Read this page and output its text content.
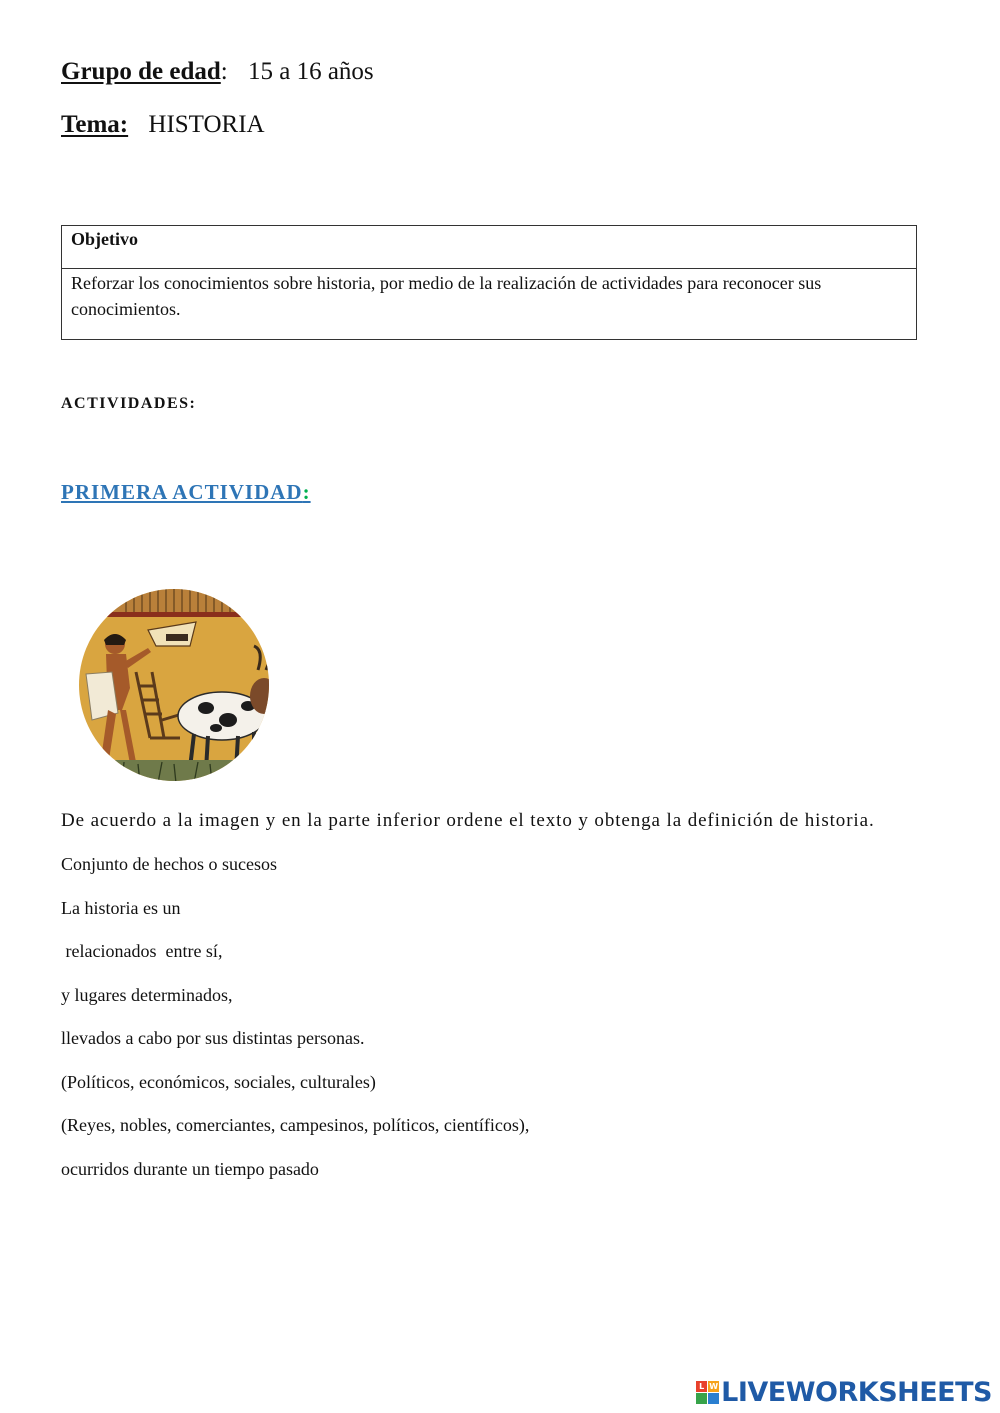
Grupo de edad: 15 a 16 años
Tema: HISTORIA
Objetivo
Reforzar los conocimientos sobre historia, por medio de la realización de actividades para reconocer sus conocimientos.
ACTIVIDADES:
PRIMERA ACTIVIDAD:
De acuerdo a la imagen y en la parte inferior ordene el texto y obtenga la definición de historia.
Conjunto de hechos o sucesos
La historia es un
relacionados  entre sí,
y lugares determinados,
llevados a cabo por sus distintas personas.
(Políticos, económicos, sociales, culturales)
(Reyes, nobles, comerciantes, campesinos, políticos, científicos),
ocurridos durante un tiempo pasado
L W LIVEWORKSHEETS
